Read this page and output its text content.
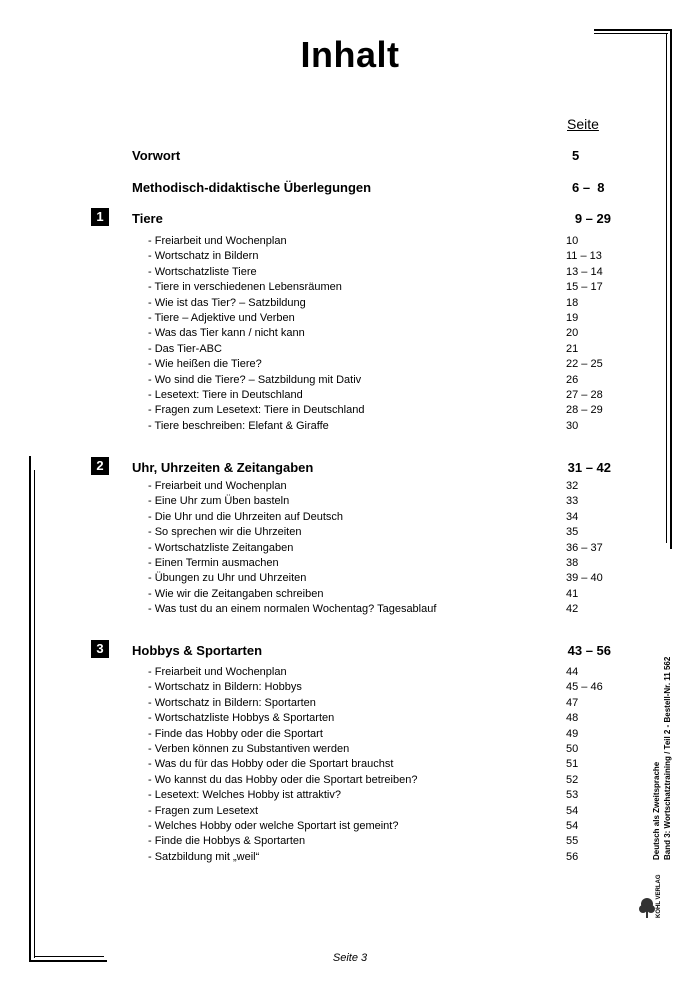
Inhalt
Seite
Vorwort	5
Methodisch-didaktische Überlegungen	6 –  8
1	Tiere	9 – 29
- Freiarbeit und Wochenplan	10
- Wortschatz in Bildern	11 – 13
- Wortschatzliste Tiere	13 – 14
- Tiere in verschiedenen Lebensräumen	15 – 17
- Wie ist das Tier? – Satzbildung	18
- Tiere – Adjektive und Verben	19
- Was das Tier kann / nicht kann	20
- Das Tier-ABC	21
- Wie heißen die Tiere?	22 – 25
- Wo sind die Tiere? – Satzbildung mit Dativ	26
- Lesetext: Tiere in Deutschland	27 – 28
- Fragen zum Lesetext: Tiere in Deutschland	28 – 29
- Tiere beschreiben: Elefant & Giraffe	30
2	Uhr, Uhrzeiten & Zeitangaben	31 – 42
- Freiarbeit und Wochenplan	32
- Eine Uhr zum Üben basteln	33
- Die Uhr und die Uhrzeiten auf Deutsch	34
- So sprechen wir die Uhrzeiten	35
- Wortschatzliste Zeitangaben	36 – 37
- Einen Termin ausmachen	38
- Übungen zu Uhr und Uhrzeiten	39 – 40
- Wie wir die Zeitangaben schreiben	41
- Was tust du an einem normalen Wochentag? Tagesablauf	42
3	Hobbys & Sportarten	43 – 56
- Freiarbeit und Wochenplan	44
- Wortschatz in Bildern: Hobbys	45 – 46
- Wortschatz in Bildern: Sportarten	47
- Wortschatzliste Hobbys & Sportarten	48
- Finde das Hobby oder die Sportart	49
- Verben können zu Substantiven werden	50
- Was du für das Hobby oder die Sportart brauchst	51
- Wo kannst du das Hobby oder die Sportart betreiben?	52
- Lesetext: Welches Hobby ist attraktiv?	53
- Fragen zum Lesetext	54
- Welches Hobby oder welche Sportart ist gemeint?	54
- Finde die Hobbys & Sportarten	55
- Satzbildung mit „weil“	56
Seite 3
Deutsch als Zweitsprache Band 3: Wortschatztraining / Teil 2 - Bestell-Nr. 11 562
KOHL VERLAG
